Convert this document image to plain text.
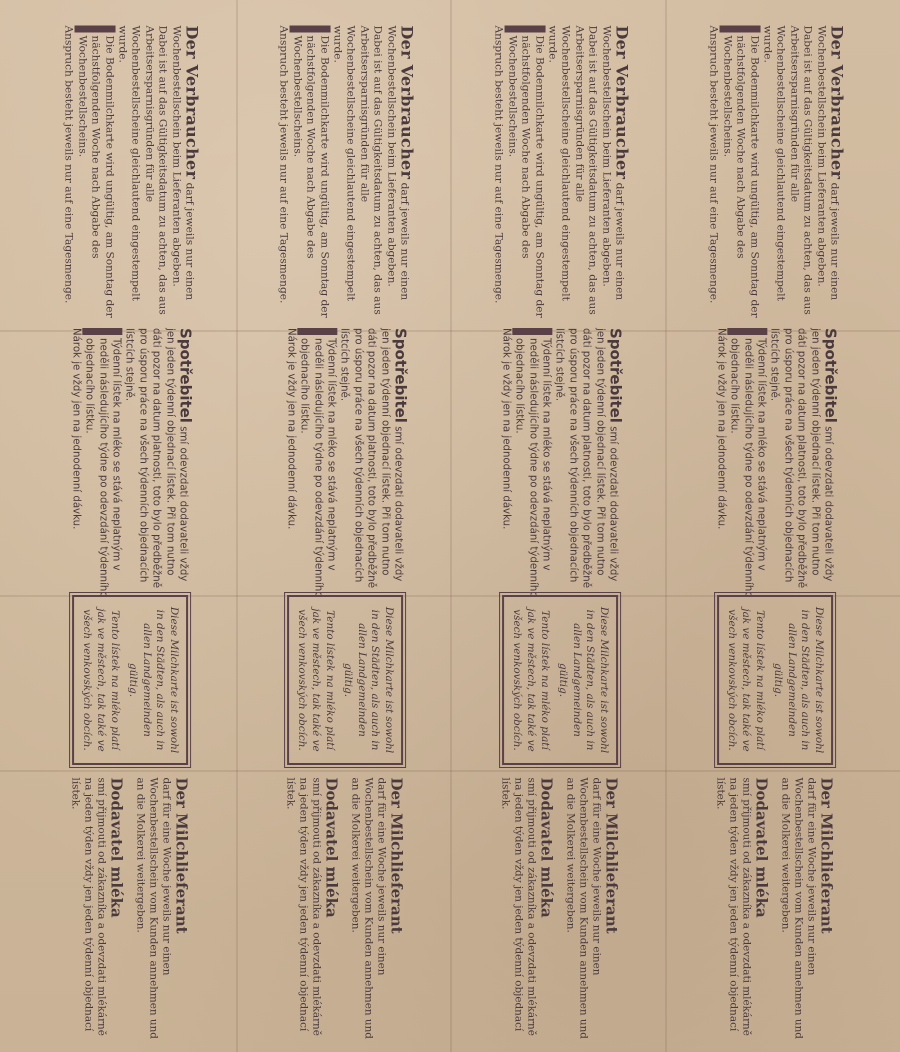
Der Verbraucher darf jeweils nur einen Wochenbestellschein beim Lieferanten abgeben. Dabei ist auf das Gültigkeitsdatum zu achten, das aus Arbeitsersparnisgründen für alle Wochenbestellscheine gleichlautend eingestempelt wurde.

Die Bodenmilchkarte wird ungültig, am Sonntag der nächstfolgenden Woche nach Abgabe des Wochenbestellscheins.

Anspruch besteht jeweils nur auf eine Tagesmenge.

Spotřebitel smí odevzdati dodavateli vždy jen jeden týdenní objednací lístek. Při tom nutno dáti pozor na datum platnosti, toto bylo předběžně pro úsporu práce na všech týdenních objednacích lístcích stejně.

Týdenní lístek na mléko se stává neplatným v neděli následujícího týdne po odevzdání týdenního objednacího lístku.

Nárok je vždy jen na jednodenní dávku.

Diese Milchkarte ist sowohl in den Städten, als auch in allen Landgemeinden gültig.

Tento lístek na mléko platí jak ve městech, tak také ve všech venkovských obcích.

Der Milchlieferant

darf für eine Woche jeweils nur einen Wochenbestellschein vom Kunden annehmen und an die Molkerei weitergeben.

Dodavatel mléka

smí přijmouti od zákazníka a odevzdati mlékárně na jeden týden vždy jen jeden týdenní objednací lístek.

Der Verbraucher darf jeweils nur einen Wochenbestellschein beim Lieferanten abgeben. Dabei ist auf das Gültigkeitsdatum zu achten, das aus Arbeitsersparnisgründen für alle Wochenbestellscheine gleichlautend eingestempelt wurde.

Die Bodenmilchkarte wird ungültig, am Sonntag der nächstfolgenden Woche nach Abgabe des Wochenbestellscheins.

Anspruch besteht jeweils nur auf eine Tagesmenge.

Spotřebitel smí odevzdati dodavateli vždy jen jeden týdenní objednací lístek. Při tom nutno dáti pozor na datum platnosti, toto bylo předběžně pro úsporu práce na všech týdenních objednacích lístcích stejně.

Týdenní lístek na mléko se stává neplatným v neděli následujícího týdne po odevzdání týdenního objednacího lístku.

Nárok je vždy jen na jednodenní dávku.

Diese Milchkarte ist sowohl in den Städten, als auch in allen Landgemeinden gültig.

Tento lístek na mléko platí jak ve městech, tak také ve všech venkovských obcích.

Der Milchlieferant

darf für eine Woche jeweils nur einen Wochenbestellschein vom Kunden annehmen und an die Molkerei weitergeben.

Dodavatel mléka

smí přijmouti od zákazníka a odevzdati mlékárně na jeden týden vždy jen jeden týdenní objednací lístek.

Der Verbraucher darf jeweils nur einen Wochenbestellschein beim Lieferanten abgeben. Dabei ist auf das Gültigkeitsdatum zu achten, das aus Arbeitsersparnisgründen für alle Wochenbestellscheine gleichlautend eingestempelt wurde.

Die Bodenmilchkarte wird ungültig, am Sonntag der nächstfolgenden Woche nach Abgabe des Wochenbestellscheins.

Anspruch besteht jeweils nur auf eine Tagesmenge.

Spotřebitel smí odevzdati dodavateli vždy jen jeden týdenní objednací lístek. Při tom nutno dáti pozor na datum platnosti, toto bylo předběžně pro úsporu práce na všech týdenních objednacích lístcích stejně.

Týdenní lístek na mléko se stává neplatným v neděli následujícího týdne po odevzdání týdenního objednacího lístku.

Nárok je vždy jen na jednodenní dávku.

Diese Milchkarte ist sowohl in den Städten, als auch in allen Landgemeinden gültig.

Tento lístek na mléko platí jak ve městech, tak také ve všech venkovských obcích.

Der Milchlieferant

darf für eine Woche jeweils nur einen Wochenbestellschein vom Kunden annehmen und an die Molkerei weitergeben.

Dodavatel mléka

smí přijmouti od zákazníka a odevzdati mlékárně na jeden týden vždy jen jeden týdenní objednací lístek.

Der Verbraucher darf jeweils nur einen Wochenbestellschein beim Lieferanten abgeben. Dabei ist auf das Gültigkeitsdatum zu achten, das aus Arbeitsersparnisgründen für alle Wochenbestellscheine gleichlautend eingestempelt wurde.

Die Bodenmilchkarte wird ungültig, am Sonntag der nächstfolgenden Woche nach Abgabe des Wochenbestellscheins.

Anspruch besteht jeweils nur auf eine Tagesmenge.

Spotřebitel smí odevzdati dodavateli vždy jen jeden týdenní objednací lístek. Při tom nutno dáti pozor na datum platnosti, toto bylo předběžně pro úsporu práce na všech týdenních objednacích lístcích stejně.

Týdenní lístek na mléko se stává neplatným v neděli následujícího týdne po odevzdání týdenního objednacího lístku.

Nárok je vždy jen na jednodenní dávku.

Diese Milchkarte ist sowohl in den Städten, als auch in allen Landgemeinden gültig.

Tento lístek na mléko platí jak ve městech, tak také ve všech venkovských obcích.

Der Milchlieferant

darf für eine Woche jeweils nur einen Wochenbestellschein vom Kunden annehmen und an die Molkerei weitergeben.

Dodavatel mléka

smí přijmouti od zákazníka a odevzdati mlékárně na jeden týden vždy jen jeden týdenní objednací lístek.
